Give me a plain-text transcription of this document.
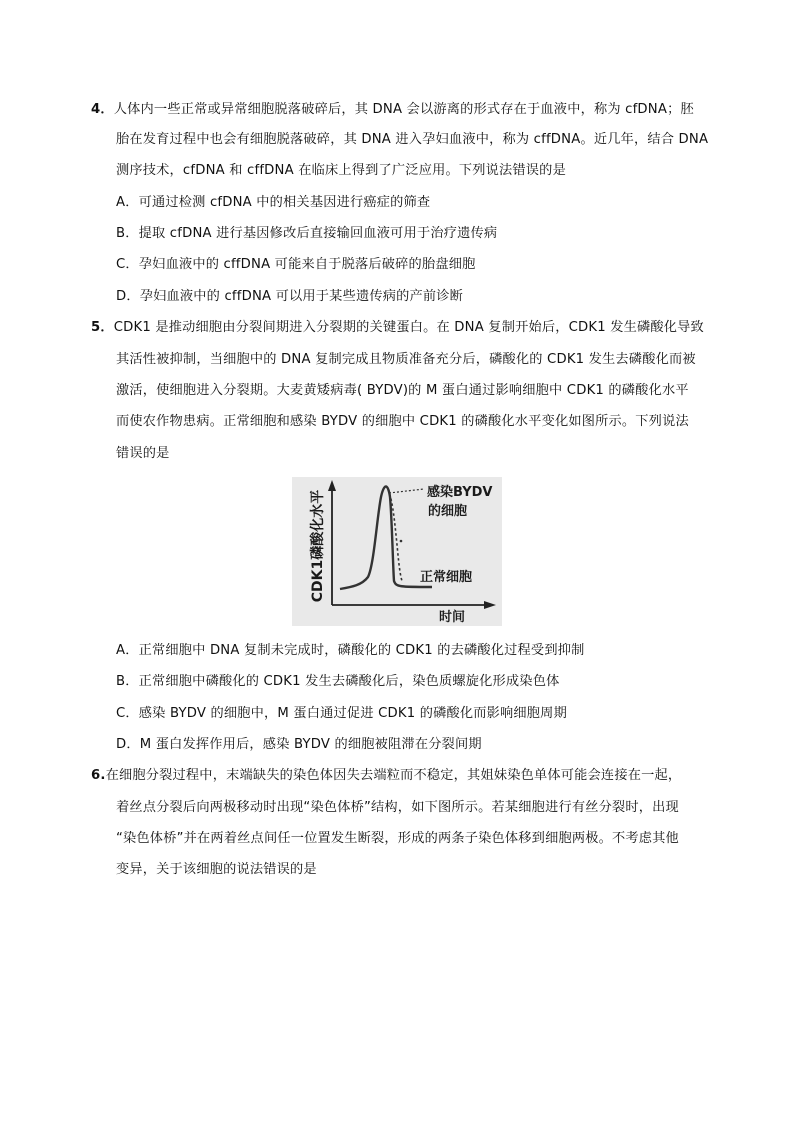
4．人体内一些正常或异常细胞脱落破碎后，其 DNA 会以游离的形式存在于血液中，称为 cfDNA；胚
胎在发育过程中也会有细胞脱落破碎，其 DNA 进入孕妇血液中，称为 cffDNA。近几年，结合 DNA
测序技术，cfDNA 和 cffDNA 在临床上得到了广泛应用。下列说法错误的是
A．可通过检测 cfDNA 中的相关基因进行癌症的筛查
B．提取 cfDNA 进行基因修改后直接输回血液可用于治疗遗传病
C．孕妇血液中的 cffDNA 可能来自于脱落后破碎的胎盘细胞
D．孕妇血液中的 cffDNA 可以用于某些遗传病的产前诊断
5．CDK1 是推动细胞由分裂间期进入分裂期的关键蛋白。在 DNA 复制开始后，CDK1 发生磷酸化导致
其活性被抑制，当细胞中的 DNA 复制完成且物质准备充分后，磷酸化的 CDK1 发生去磷酸化而被
激活，使细胞进入分裂期。大麦黄矮病毒( BYDV)的 M 蛋白通过影响细胞中 CDK1 的磷酸化水平
而使农作物患病。正常细胞和感染 BYDV 的细胞中 CDK1 的磷酸化水平变化如图所示。下列说法
错误的是
CDK1磷酸化水平
时间
感染BYDV
的细胞
正常细胞
A．正常细胞中 DNA 复制未完成时，磷酸化的 CDK1 的去磷酸化过程受到抑制
B．正常细胞中磷酸化的 CDK1 发生去磷酸化后，染色质螺旋化形成染色体
C．感染 BYDV 的细胞中，M 蛋白通过促进 CDK1 的磷酸化而影响细胞周期
D．M 蛋白发挥作用后，感染 BYDV 的细胞被阻滞在分裂间期
6.在细胞分裂过程中，末端缺失的染色体因失去端粒而不稳定，其姐妹染色单体可能会连接在一起，
着丝点分裂后向两极移动时出现“染色体桥”结构，如下图所示。若某细胞进行有丝分裂时，出现
“染色体桥”并在两着丝点间任一位置发生断裂，形成的两条子染色体移到细胞两极。不考虑其他
变异，关于该细胞的说法错误的是
